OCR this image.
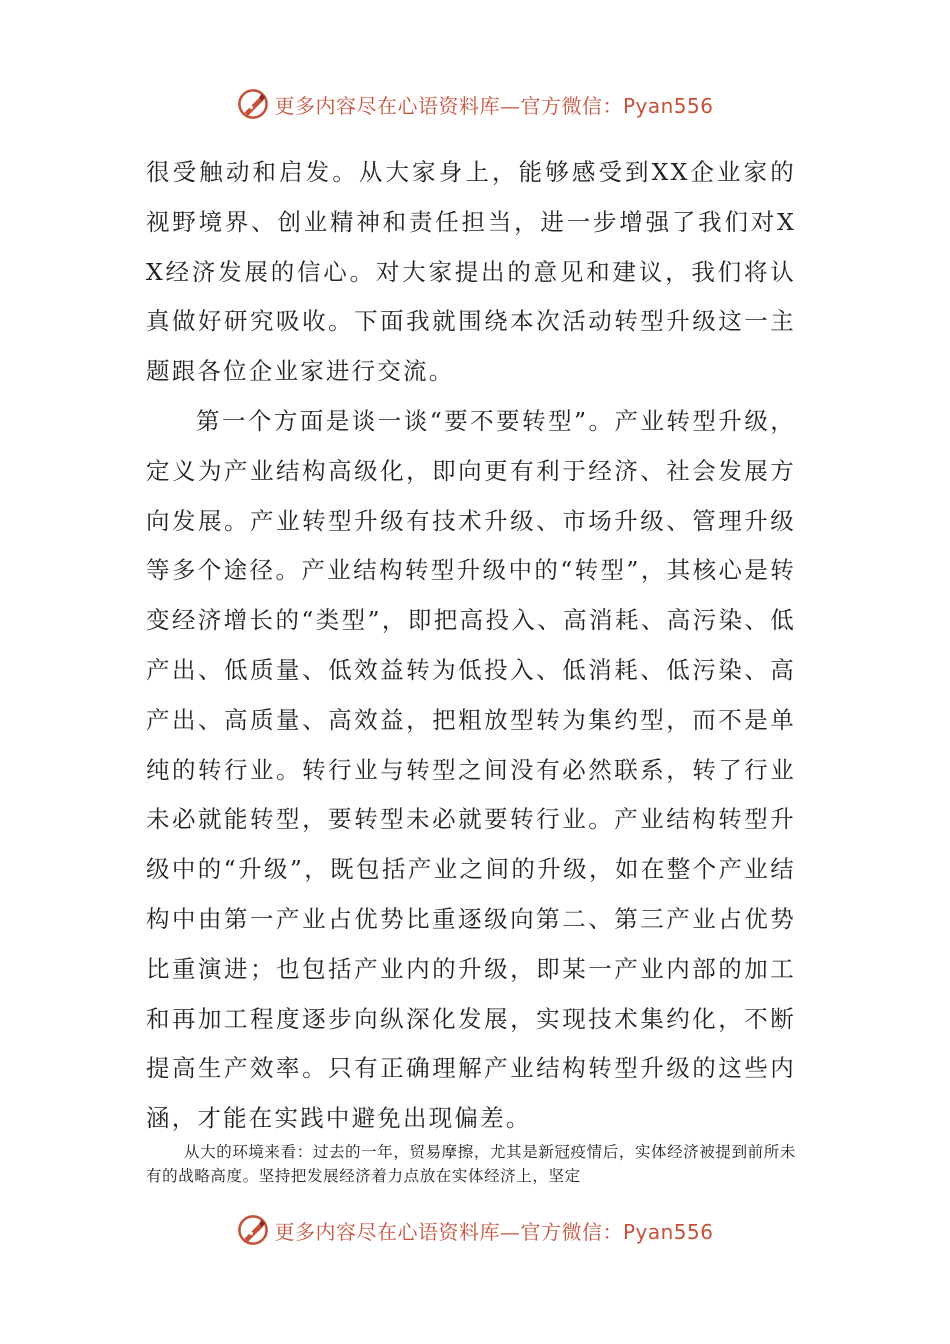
更多内容尽在心语资料库—官方微信：Pyan556

很受触动和启发。从大家身上，能够感受到XX企业家的视野境界、创业精神和责任担当，进一步增强了我们对XX经济发展的信心。对大家提出的意见和建议，我们将认真做好研究吸收。下面我就围绕本次活动转型升级这一主题跟各位企业家进行交流。

第一个方面是谈一谈“要不要转型”。产业转型升级，定义为产业结构高级化，即向更有利于经济、社会发展方向发展。产业转型升级有技术升级、市场升级、管理升级等多个途径。产业结构转型升级中的“转型”，其核心是转变经济增长的“类型”，即把高投入、高消耗、高污染、低产出、低质量、低效益转为低投入、低消耗、低污染、高产出、高质量、高效益，把粗放型转为集约型，而不是单纯的转行业。转行业与转型之间没有必然联系，转了行业未必就能转型，要转型未必就要转行业。产业结构转型升级中的“升级”，既包括产业之间的升级，如在整个产业结构中由第一产业占优势比重逐级向第二、第三产业占优势比重演进；也包括产业内的升级，即某一产业内部的加工和再加工程度逐步向纵深化发展，实现技术集约化，不断提高生产效率。只有正确理解产业结构转型升级的这些内涵，才能在实践中避免出现偏差。

从大的环境来看：过去的一年，贸易摩擦，尤其是新冠疫情后，实体经济被提到前所未有的战略高度。坚持把发展经济着力点放在实体经济上，坚定

更多内容尽在心语资料库—官方微信：Pyan556
